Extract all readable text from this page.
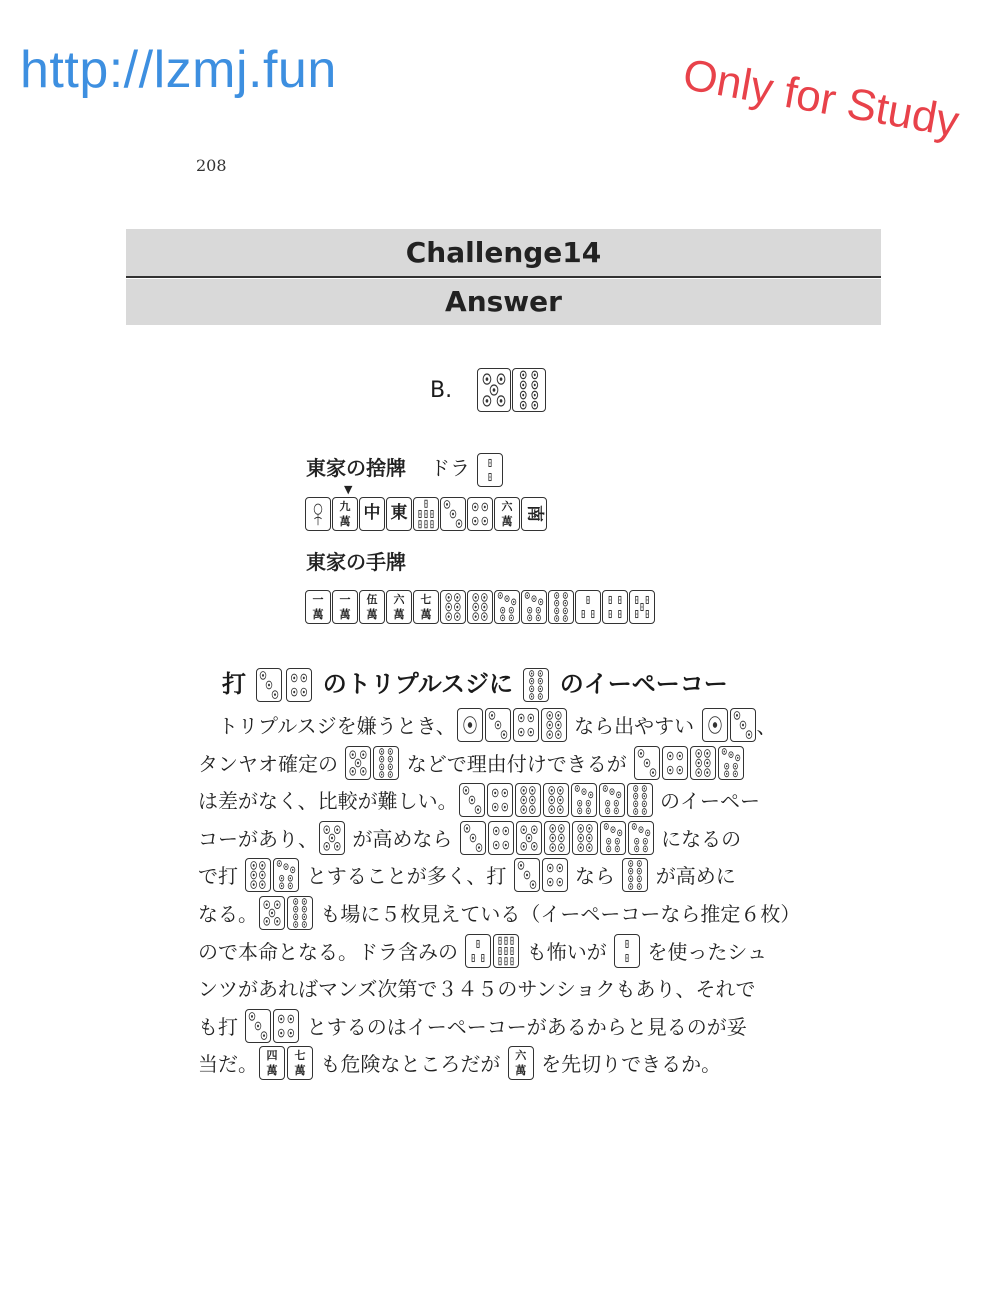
http://lzmj.fun	Only for Study
208
Challenge14
Answer
B.
東家の捨牌 ドラ
▼
九
萬 中 東	六
萬 南
東家の手牌
一
萬
一
萬
伍
萬
六
萬
七
萬
打	のトリプルスジに のイーペーコー
　トリプルスジを嫌うとき、	なら出やすい	、
タンヤオ確定の	などで理由付けできるが
は差がなく、比較が難しい。	のイーペー
コーがあり、
が高めなら	になるの
で打	とすることが多く、打	なら
が高めに
なる。	も場に５枚見えている（イーペーコーなら推定６枚）
ので本命となる。ドラ含みの	も怖いが
を使ったシュ
ンツがあればマンズ次第で３４５のサンショクもあり、それで
も打	とするのはイーペーコーがあるからと見るのが妥
当だ。 四
萬
七
萬 も危険なところだが 六
萬 を先切りできるか。
